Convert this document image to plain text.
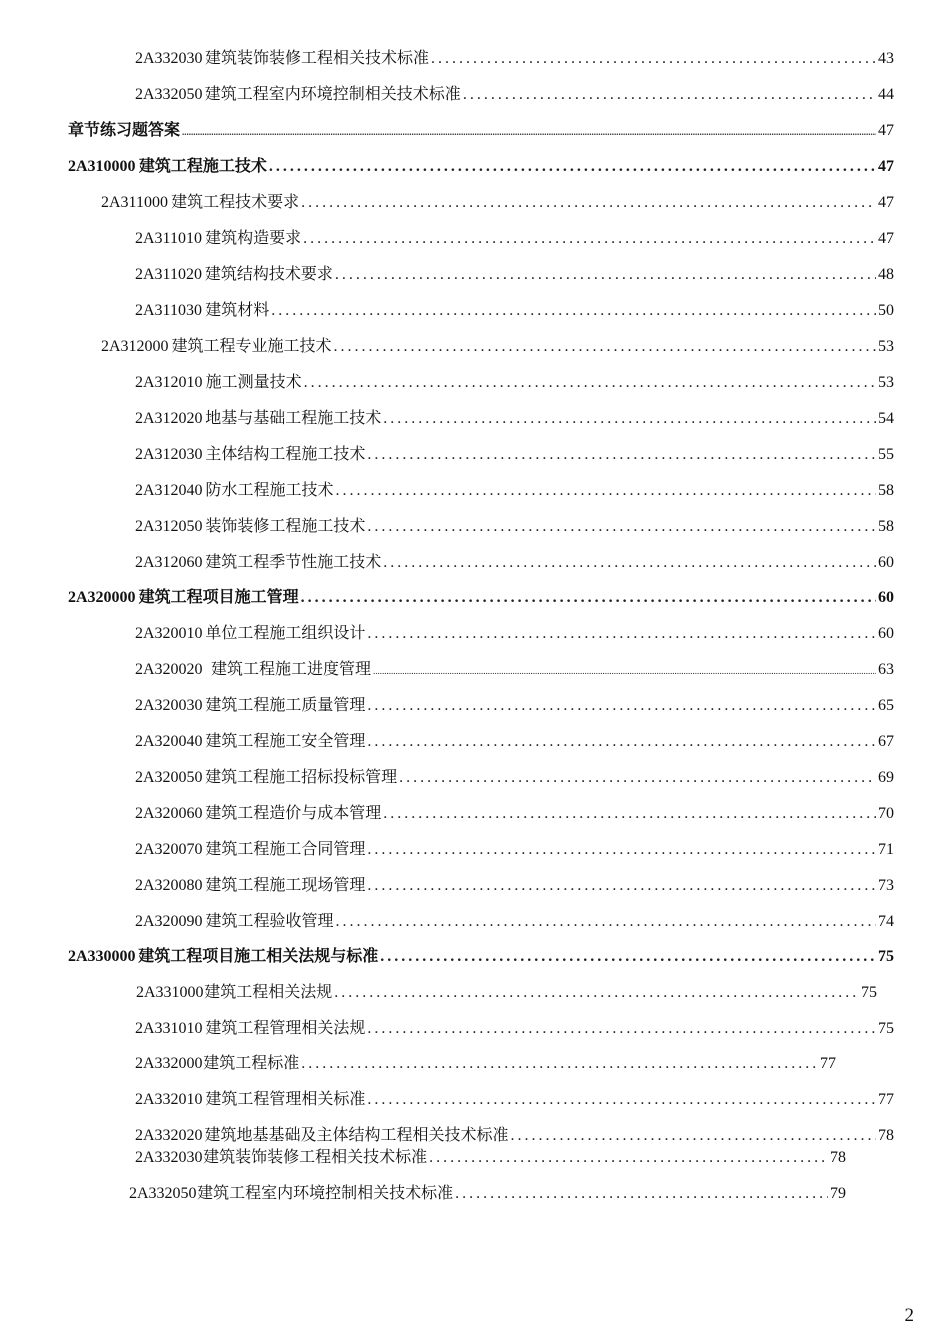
2A332030 建筑装饰装修工程相关技术标准 .....	43
2A332050 建筑工程室内环境控制相关技术标准 .....	44
章节练习题答案 .....	47
2A310000 建筑工程施工技术 .....	47
2A311000 建筑工程技术要求 .....	47
2A311010 建筑构造要求 .....	47
2A311020 建筑结构技术要求 .....	48
2A311030 建筑材料 .....	50
2A312000 建筑工程专业施工技术 .....	53
2A312010 施工测量技术 .....	53
2A312020 地基与基础工程施工技术 .....	54
2A312030 主体结构工程施工技术 .....	55
2A312040 防水工程施工技术 .....	58
2A312050 装饰装修工程施工技术 .....	58
2A312060 建筑工程季节性施工技术 .....	60
2A320000 建筑工程项目施工管理 .....	60
2A320010 单位工程施工组织设计 .....	60
2A320020 建筑工程施工进度管理 .....	63
2A320030 建筑工程施工质量管理 .....	65
2A320040 建筑工程施工安全管理 .....	67
2A320050 建筑工程施工招标投标管理 .....	69
2A320060 建筑工程造价与成本管理 .....	70
2A320070 建筑工程施工合同管理 .....	71
2A320080 建筑工程施工现场管理 .....	73
2A320090 建筑工程验收管理 .....	74
2A330000 建筑工程项目施工相关法规与标准 .....	75
2A331000 建筑工程相关法规 .....	75
2A331010 建筑工程管理相关法规 .....	75
2A332000 建筑工程标准 .....	77
2A332010 建筑工程管理相关标准 .....	77
2A332020 建筑地基基础及主体结构工程相关技术标准 .....	78
2A332030 建筑装饰装修工程相关技术标准 .....	78
2A332050 建筑工程室内环境控制相关技术标准 .....	79
2
